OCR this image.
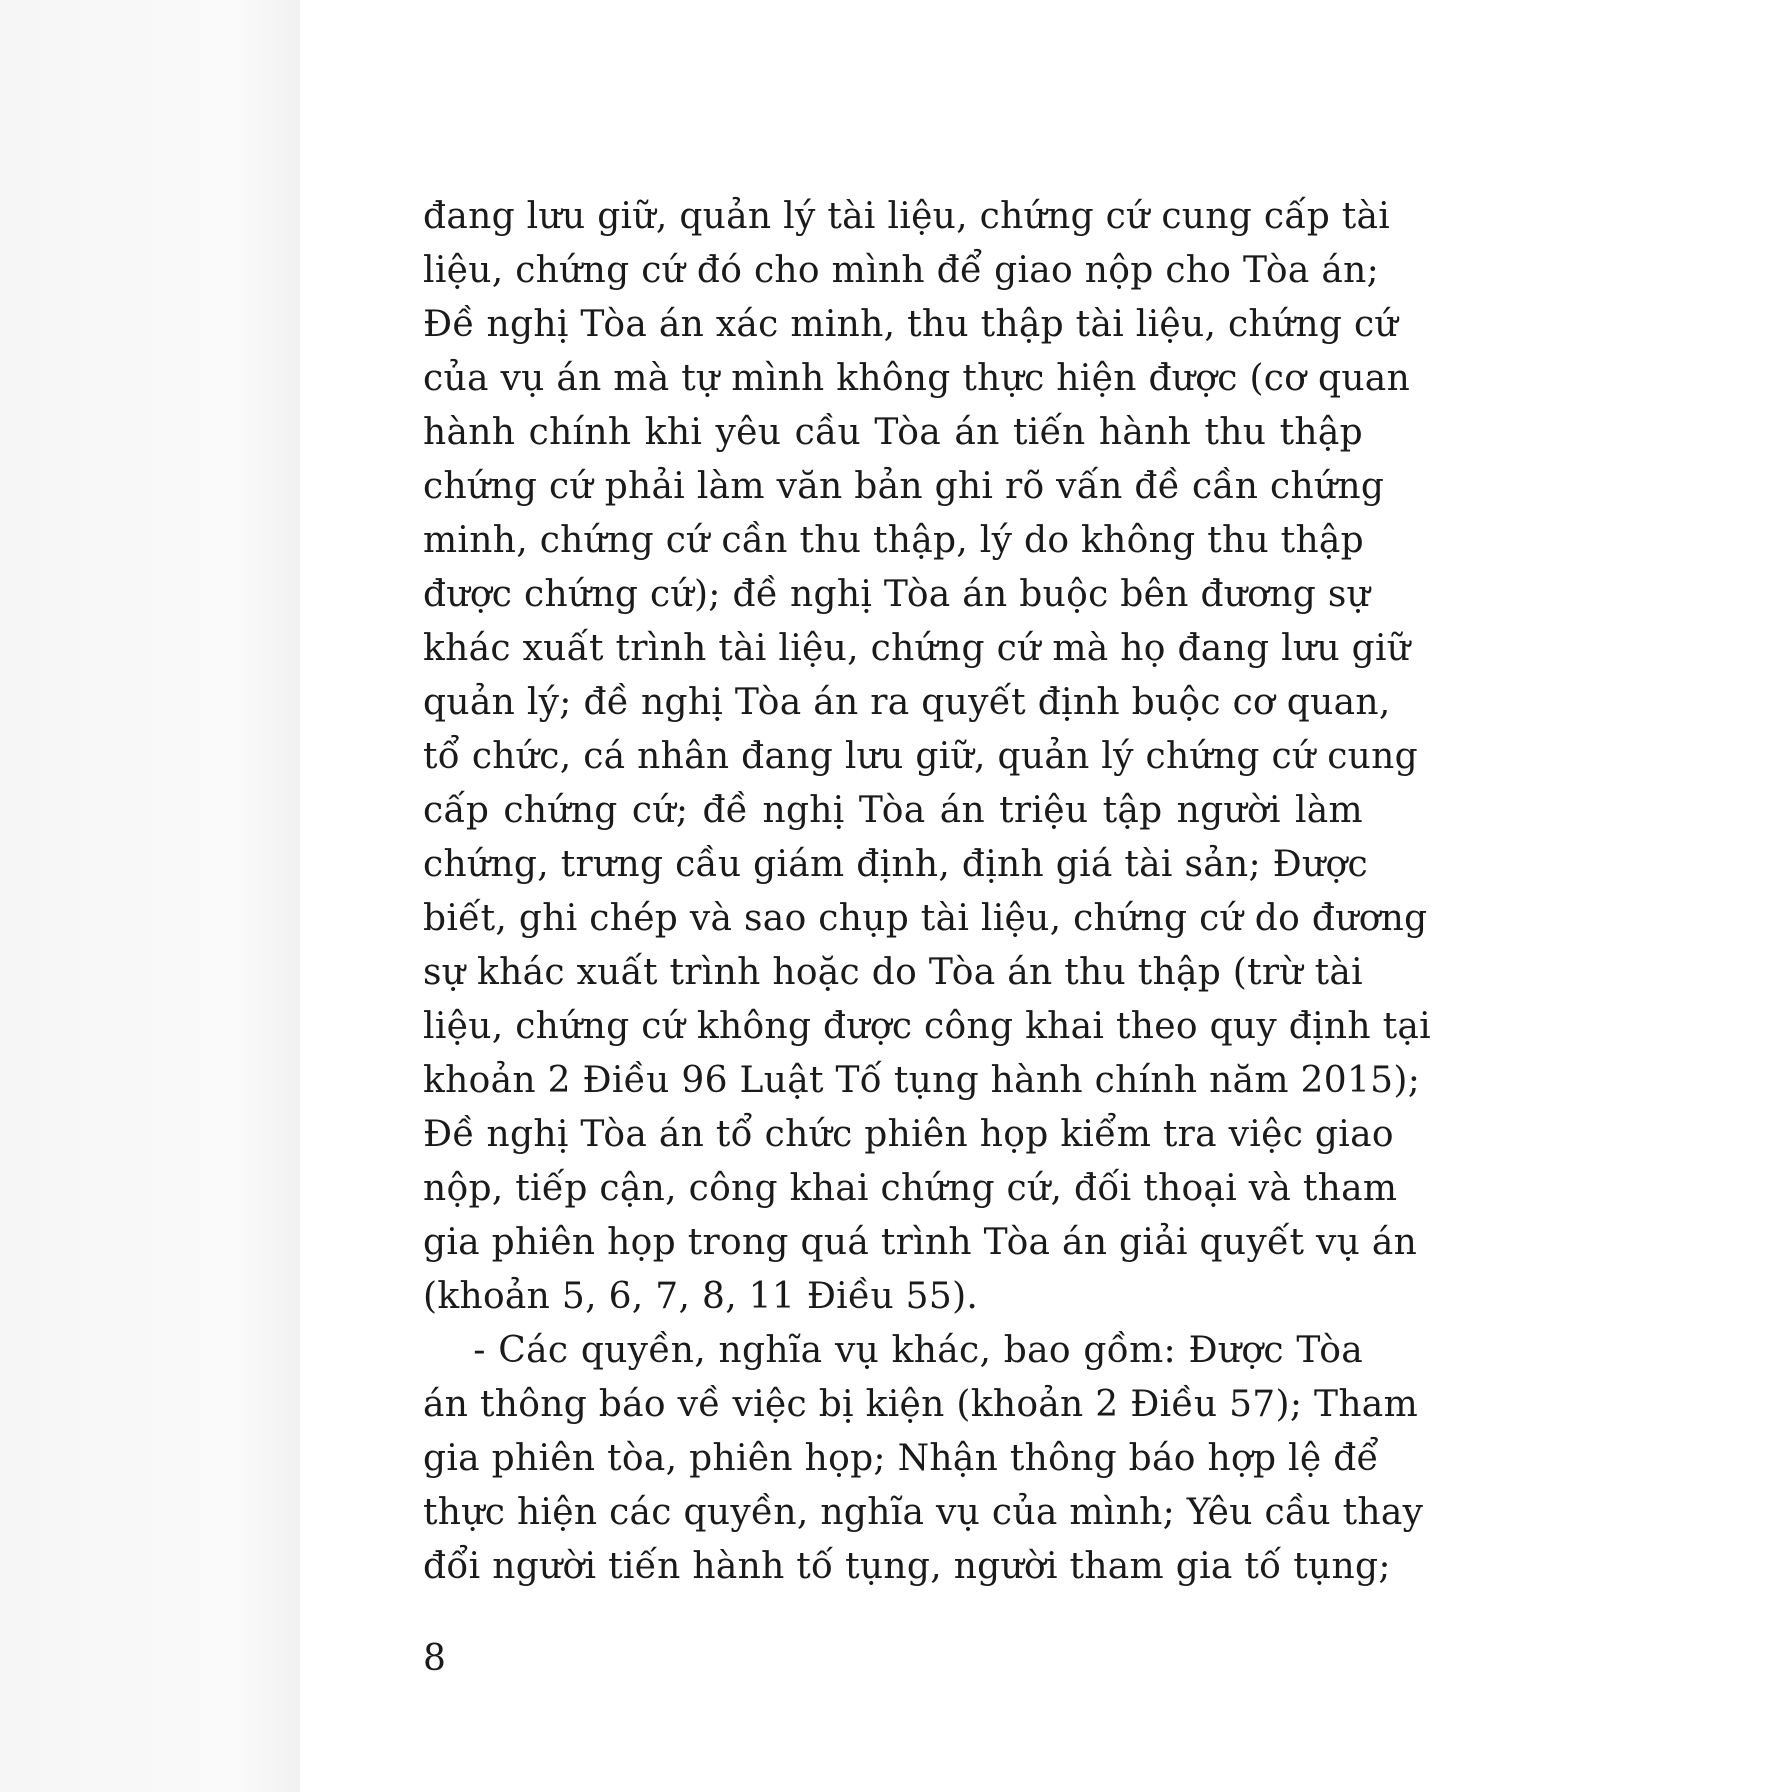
đang lưu giữ, quản lý tài liệu, chứng cứ cung cấp tài
liệu, chứng cứ đó cho mình để giao nộp cho Tòa án;
Đề nghị Tòa án xác minh, thu thập tài liệu, chứng cứ
của vụ án mà tự mình không thực hiện được (cơ quan
hành chính khi yêu cầu Tòa án tiến hành thu thập
chứng cứ phải làm văn bản ghi rõ vấn đề cần chứng
minh, chứng cứ cần thu thập, lý do không thu thập
được chứng cứ); đề nghị Tòa án buộc bên đương sự
khác xuất trình tài liệu, chứng cứ mà họ đang lưu giữ
quản lý; đề nghị Tòa án ra quyết định buộc cơ quan,
tổ chức, cá nhân đang lưu giữ, quản lý chứng cứ cung
cấp chứng cứ; đề nghị Tòa án triệu tập người làm
chứng, trưng cầu giám định, định giá tài sản; Được
biết, ghi chép và sao chụp tài liệu, chứng cứ do đương
sự khác xuất trình hoặc do Tòa án thu thập (trừ tài
liệu, chứng cứ không được công khai theo quy định tại
khoản 2 Điều 96 Luật Tố tụng hành chính năm 2015);
Đề nghị Tòa án tổ chức phiên họp kiểm tra việc giao
nộp, tiếp cận, công khai chứng cứ, đối thoại và tham
gia phiên họp trong quá trình Tòa án giải quyết vụ án
(khoản 5, 6, 7, 8, 11 Điều 55).
- Các quyền, nghĩa vụ khác, bao gồm: Được Tòa
án thông báo về việc bị kiện (khoản 2 Điều 57); Tham
gia phiên tòa, phiên họp; Nhận thông báo hợp lệ để
thực hiện các quyền, nghĩa vụ của mình; Yêu cầu thay
đổi người tiến hành tố tụng, người tham gia tố tụng;
8
